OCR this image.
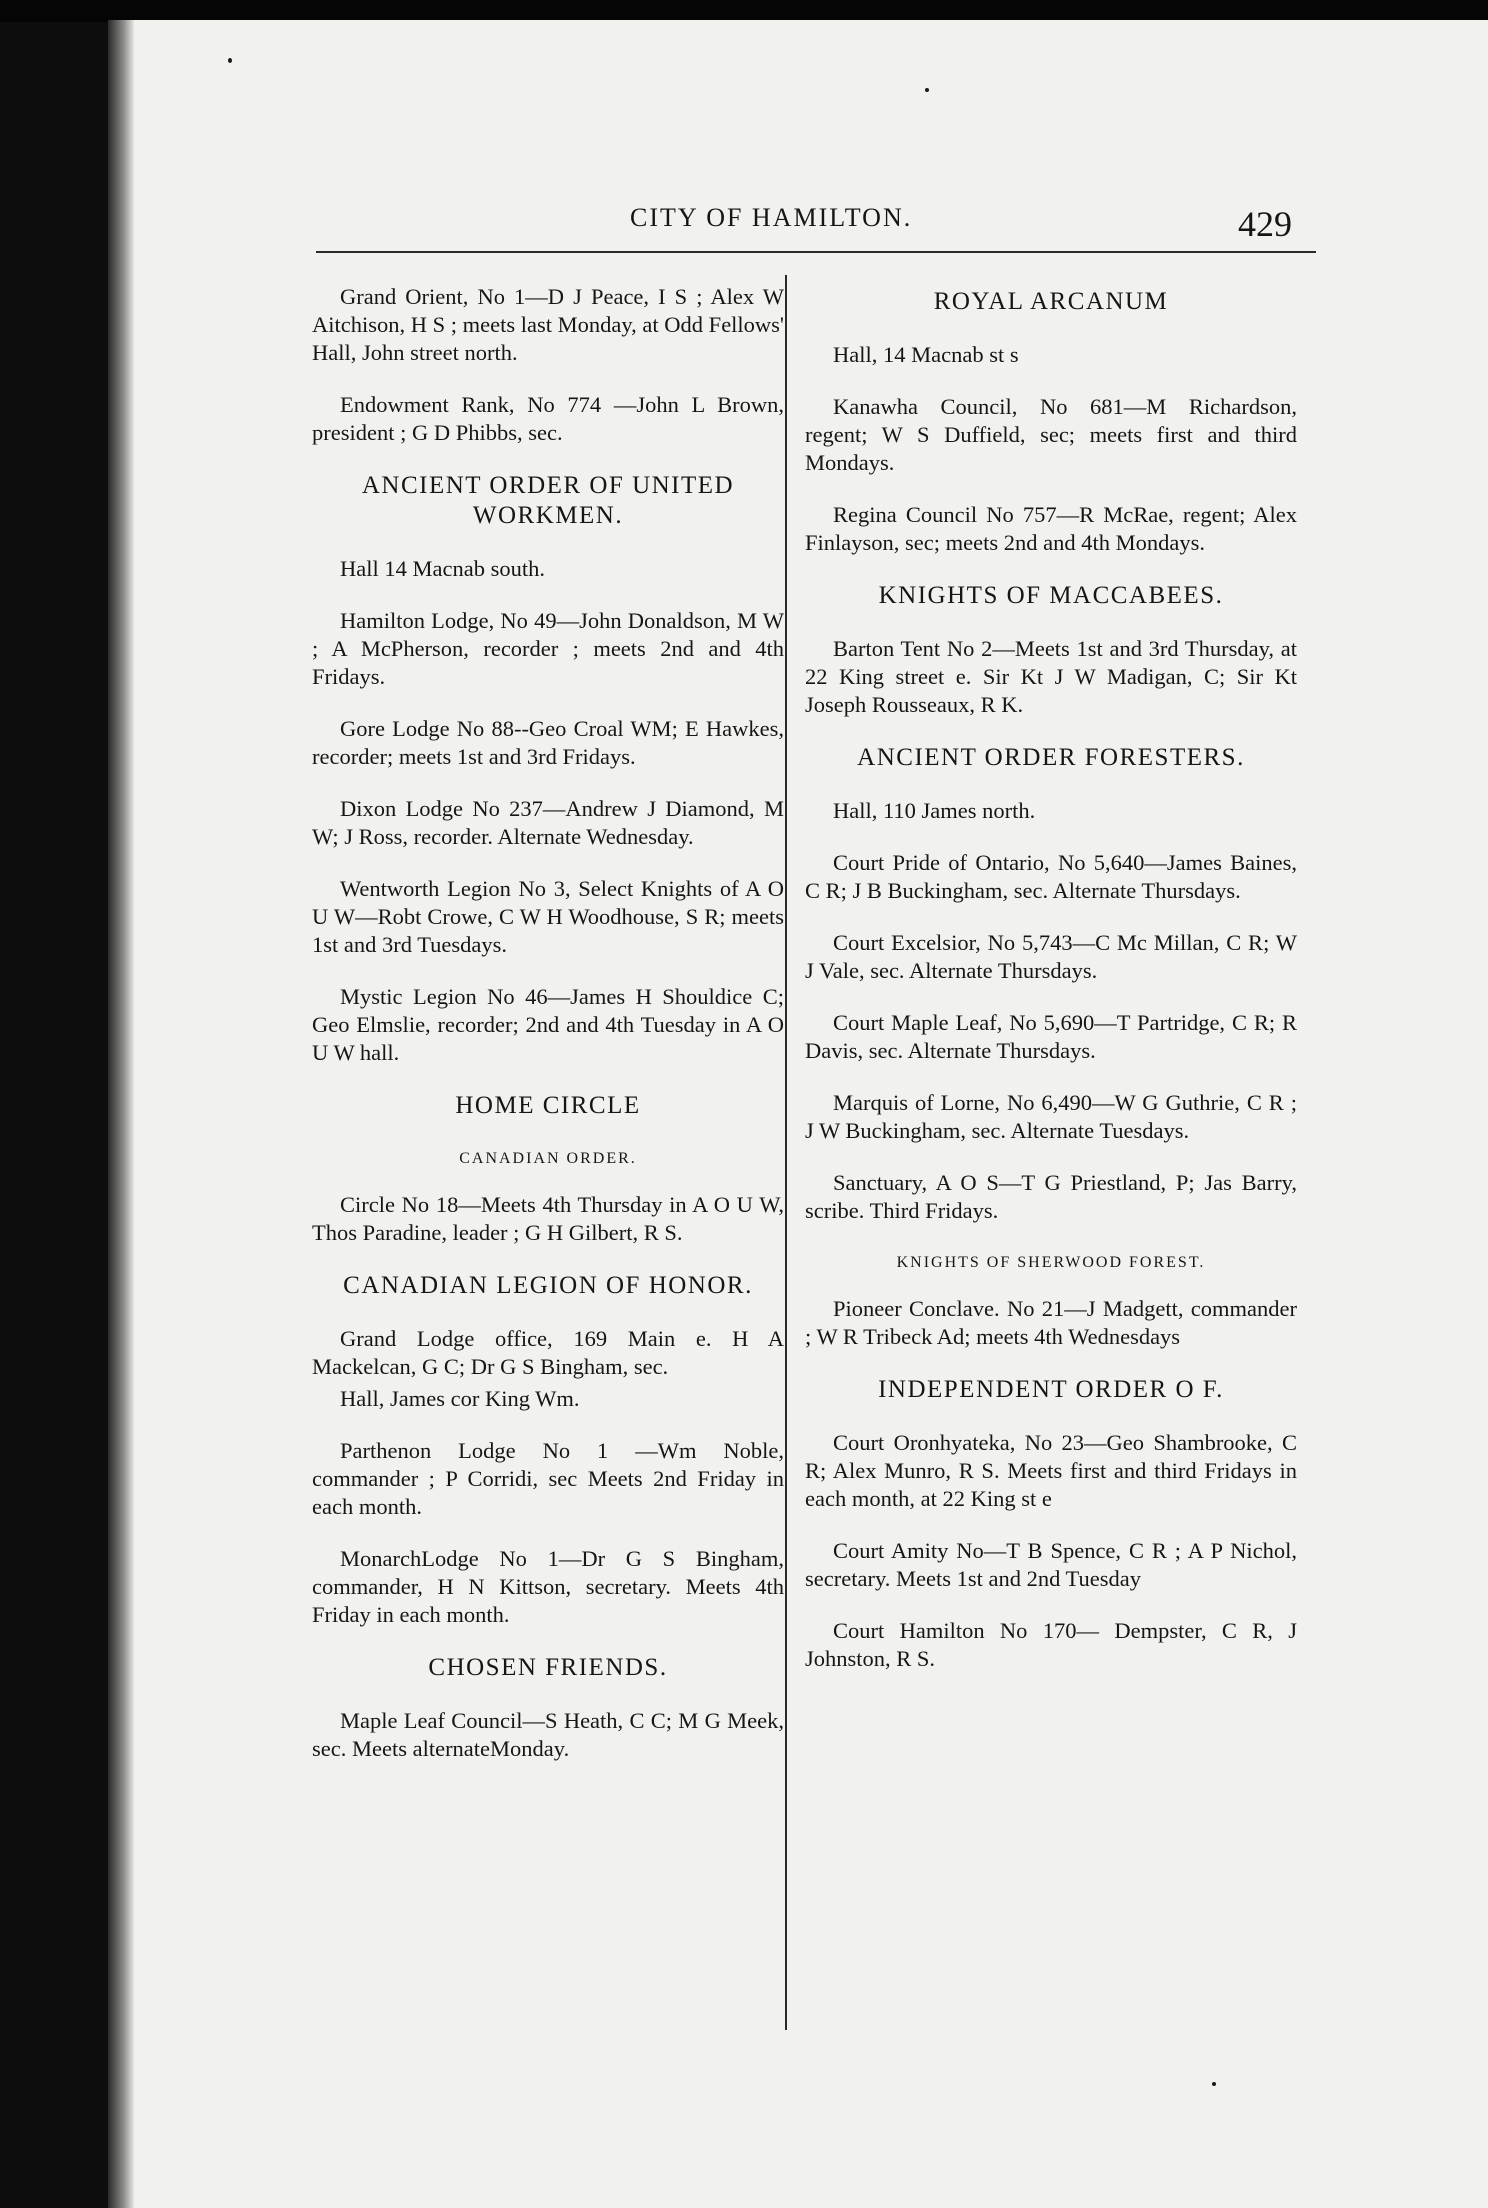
CITY OF HAMILTON.	429
Grand Orient, No 1—D J Peace, I S ; Alex W Aitchison, H S ; meets last Monday, at Odd Fellows' Hall, John street north.
Endowment Rank, No 774 —John L Brown, president ; G D Phibbs, sec.
ANCIENT ORDER OF UNITED WORKMEN.
Hall 14 Macnab south.
Hamilton Lodge, No 49—John Donaldson, M W ; A McPherson, recorder ; meets 2nd and 4th Fridays.
Gore Lodge No 88--Geo Croal WM; E Hawkes, recorder; meets 1st and 3rd Fridays.
Dixon Lodge No 237—Andrew J Diamond, M W; J Ross, recorder. Alternate Wednesday.
Wentworth Legion No 3, Select Knights of A O U W—Robt Crowe, C W H Woodhouse, S R; meets 1st and 3rd Tuesdays.
Mystic Legion No 46—James H Shouldice C; Geo Elmslie, recorder; 2nd and 4th Tuesday in A O U W hall.
HOME CIRCLE
CANADIAN ORDER.
Circle No 18—Meets 4th Thursday in A O U W, Thos Paradine, leader ; G H Gilbert, R S.
CANADIAN LEGION OF HONOR.
Grand Lodge office, 169 Main e. H A Mackelcan, G C; Dr G S Bingham, sec.
Hall, James cor King Wm.
Parthenon Lodge No 1 —Wm Noble, commander ; P Corridi, sec Meets 2nd Friday in each month.
MonarchLodge No 1—Dr G S Bingham, commander, H N Kittson, secretary. Meets 4th Friday in each month.
CHOSEN FRIENDS.
Maple Leaf Council—S Heath, C C; M G Meek, sec. Meets alternateMonday.
ROYAL ARCANUM
Hall, 14 Macnab st s
Kanawha Council, No 681—M Richardson, regent; W S Duffield, sec; meets first and third Mondays.
Regina Council No 757—R McRae, regent; Alex Finlayson, sec; meets 2nd and 4th Mondays.
KNIGHTS OF MACCABEES.
Barton Tent No 2—Meets 1st and 3rd Thursday, at 22 King street e. Sir Kt J W Madigan, C; Sir Kt Joseph Rousseaux, R K.
ANCIENT ORDER FORESTERS.
Hall, 110 James north.
Court Pride of Ontario, No 5,640—James Baines, C R; J B Buckingham, sec. Alternate Thursdays.
Court Excelsior, No 5,743—C Mc Millan, C R; W J Vale, sec. Alternate Thursdays.
Court Maple Leaf, No 5,690—T Partridge, C R; R Davis, sec. Alternate Thursdays.
Marquis of Lorne, No 6,490—W G Guthrie, C R ; J W Buckingham, sec. Alternate Tuesdays.
Sanctuary, A O S—T G Priestland, P; Jas Barry, scribe. Third Fridays.
KNIGHTS OF SHERWOOD FOREST.
Pioneer Conclave. No 21—J Madgett, commander ; W R Tribeck Ad; meets 4th Wednesdays
INDEPENDENT ORDER O F.
Court Oronhyateka, No 23—Geo Shambrooke, C R; Alex Munro, R S. Meets first and third Fridays in each month, at 22 King st e
Court Amity No—T B Spence, C R ; A P Nichol, secretary. Meets 1st and 2nd Tuesday
Court Hamilton No 170— Dempster, C R, J Johnston, R S.
